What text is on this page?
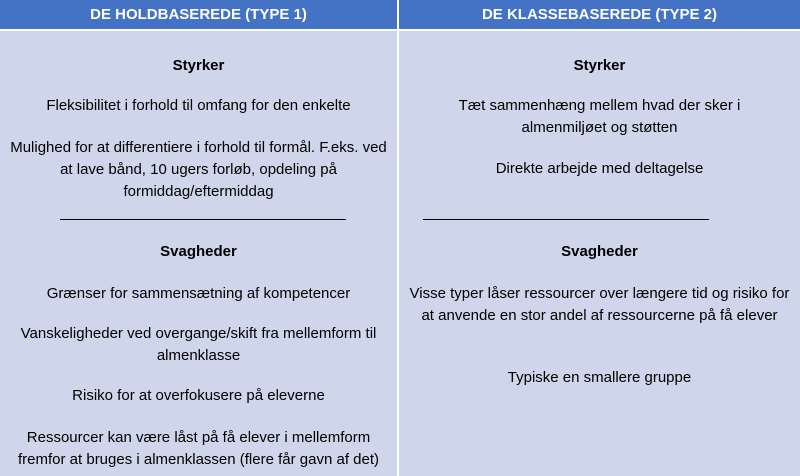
DE HOLDBASEREDE (TYPE 1)	DE KLASSEBASEREDE (TYPE 2)
Styrker
Fleksibilitet i forhold til omfang for den enkelte
Mulighed for at differentiere i forhold til formål. F.eks. ved at lave bånd, 10 ugers forløb, opdeling på formiddag/eftermiddag
Svagheder
Grænser for sammensætning af kompetencer
Vanskeligheder ved overgange/skift fra mellemform til almenklasse
Risiko for at overfokusere på eleverne
Ressourcer kan være låst på få elever i mellemform fremfor at bruges i almenklassen (flere får gavn af det)
Styrker
Tæt sammenhæng mellem hvad der sker i almenmiljøet og støtten
Direkte arbejde med deltagelse
Svagheder
Visse typer låser ressourcer over længere tid og risiko for at anvende en stor andel af ressourcerne på få elever
Typiske en smallere gruppe
